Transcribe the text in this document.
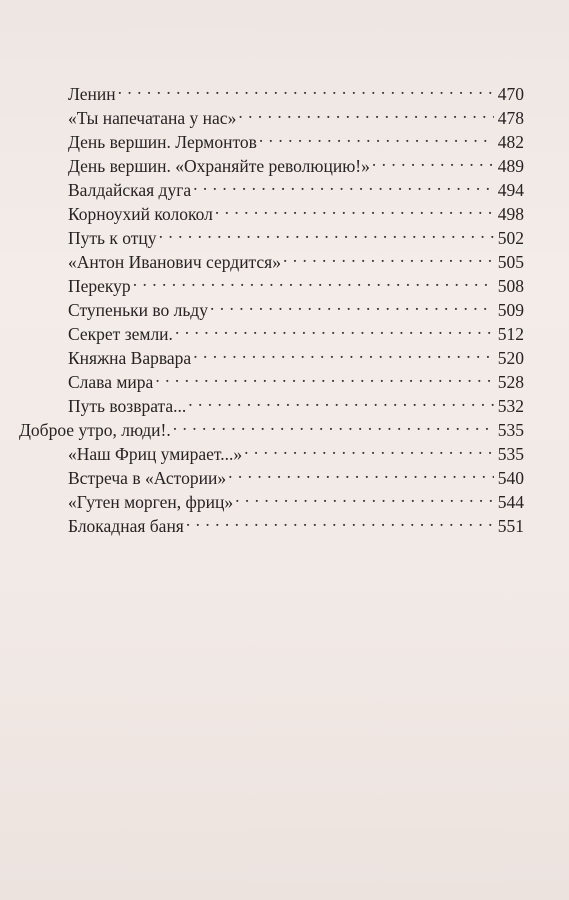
Ленин . . .	470
«Ты напечатана у нас» . . .	478
День вершин. Лермонтов . . .	482
День вершин. «Охраняйте революцию!» . . .	489
Валдайская дуга . . .	494
Корноухий колокол . . .	498
Путь к отцу . . .	502
«Антон Иванович сердится» . . .	505
Перекур . . .	508
Ступеньки во льду . . .	509
Секрет земли. . . .	512
Княжна Варвара . . .	520
Слава мира . . .	528
Путь возврата... . . .	532
Доброе утро, люди!. . . .	535
«Наш Фриц умирает...» . . .	535
Встреча в «Астории» . . .	540
«Гутен морген, фриц» . . .	544
Блокадная баня . . .	551
